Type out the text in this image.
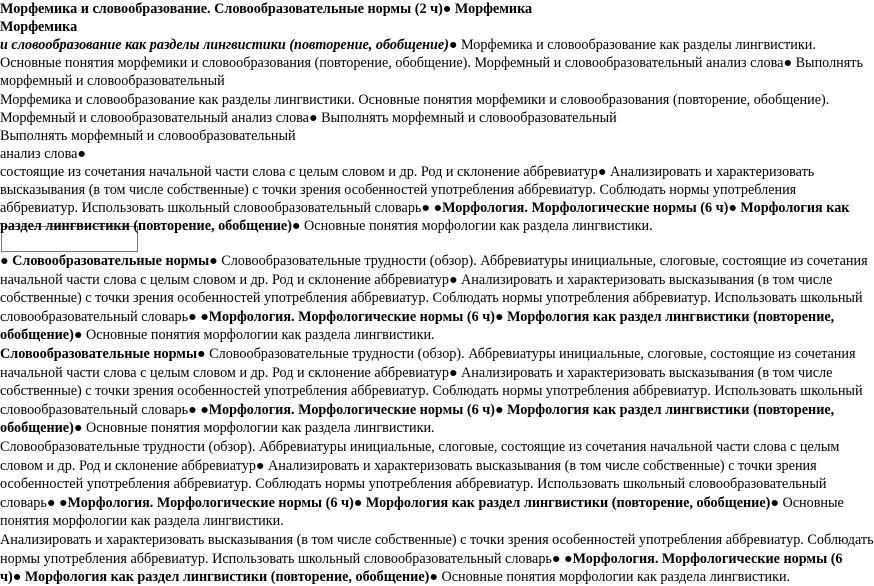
Морфемика и словообразование. Словообразовательные нормы (2 ч)● Морфемика
Морфемика
и словообразование как разделы лингвистики (повторение, обобщение)● Морфемика и словообразование как разделы лингвистики.
Основные понятия морфемики и словообразования (повторение, обобщение). Морфемный и словообразовательный анализ слова● Выполнять
морфемный и словообразовательный
Морфемика и словообразование как разделы лингвистики. Основные понятия морфемики и словообразования (повторение, обобщение).
Морфемный и словообразовательный анализ слова● Выполнять морфемный и словообразовательный
Выполнять морфемный и словообразовательный
анализ слова●
состоящие из сочетания начальной части слова с целым словом и др. Род и склонение аббревиатур● Анализировать и характеризовать
высказывания (в том числе собственные) с точки зрения особенностей употребления аббревиатур. Соблюдать нормы употребления
аббревиатур. Использовать школьный словообразовательный словарь● ●Морфология. Морфологические нормы (6 ч)● Морфология как
раздел лингвистики (повторение, обобщение)● Основные понятия морфологии как раздела лингвистики.
● Словообразовательные нормы● Словообразовательные трудности (обзор). Аббревиатуры инициальные, слоговые, состоящие из сочетания
начальной части слова с целым словом и др. Род и склонение аббревиатур● Анализировать и характеризовать высказывания (в том числе
собственные) с точки зрения особенностей употребления аббревиатур. Соблюдать нормы употребления аббревиатур. Использовать школьный
словообразовательный словарь● ●Морфология. Морфологические нормы (6 ч)● Морфология как раздел лингвистики (повторение,
обобщение)● Основные понятия морфологии как раздела лингвистики.
Словообразовательные нормы● Словообразовательные трудности (обзор). Аббревиатуры инициальные, слоговые, состоящие из сочетания
начальной части слова с целым словом и др. Род и склонение аббревиатур● Анализировать и характеризовать высказывания (в том числе
собственные) с точки зрения особенностей употребления аббревиатур. Соблюдать нормы употребления аббревиатур. Использовать школьный
словообразовательный словарь● ●Морфология. Морфологические нормы (6 ч)● Морфология как раздел лингвистики (повторение,
обобщение)● Основные понятия морфологии как раздела лингвистики.
Словообразовательные трудности (обзор). Аббревиатуры инициальные, слоговые, состоящие из сочетания начальной части слова с целым
словом и др. Род и склонение аббревиатур● Анализировать и характеризовать высказывания (в том числе собственные) с точки зрения
особенностей употребления аббревиатур. Соблюдать нормы употребления аббревиатур. Использовать школьный словообразовательный
словарь● ●Морфология. Морфологические нормы (6 ч)● Морфология как раздел лингвистики (повторение, обобщение)● Основные
понятия морфологии как раздела лингвистики.
Анализировать и характеризовать высказывания (в том числе собственные) с точки зрения особенностей употребления аббревиатур. Соблюдать
нормы употребления аббревиатур. Использовать школьный словообразовательный словарь● ●Морфология. Морфологические нормы (6
ч)● Морфология как раздел лингвистики (повторение, обобщение)● Основные понятия морфологии как раздела лингвистики.
